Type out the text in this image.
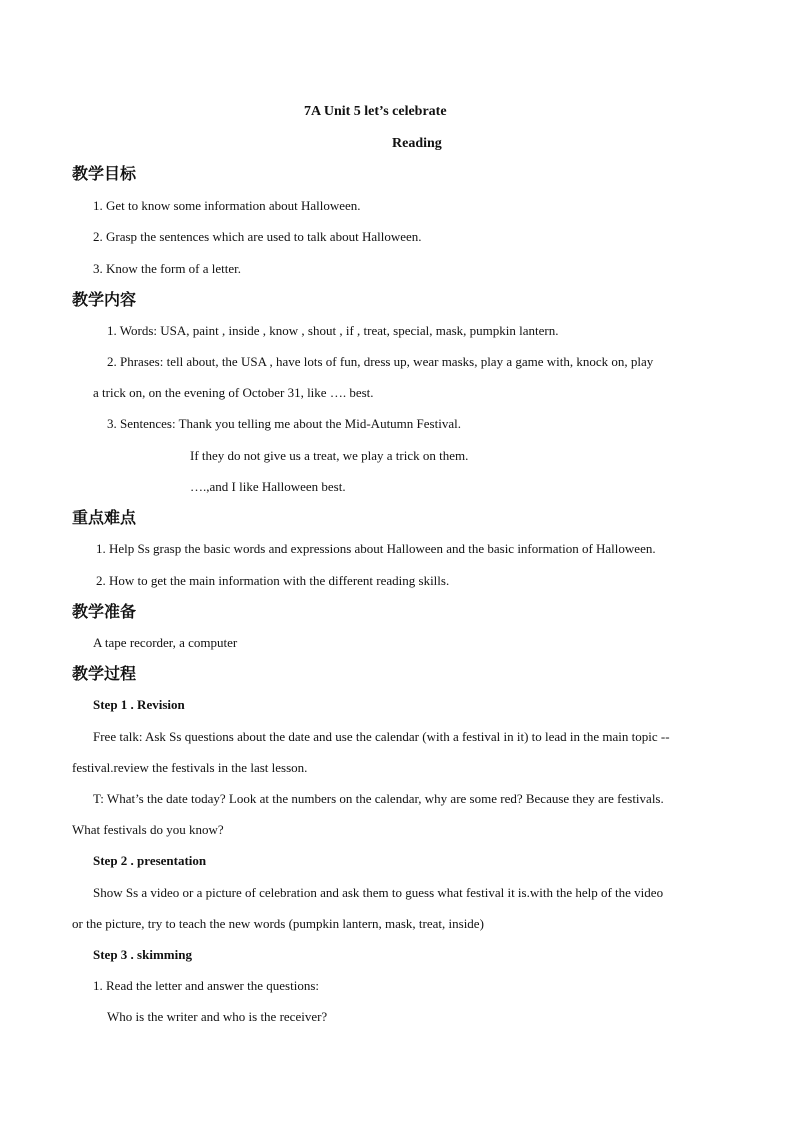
7A Unit 5 let’s celebrate
Reading
教学目标
1. Get to know some information about Halloween.
2. Grasp the sentences which are used to talk about Halloween.
3. Know the form of a letter.
教学内容
1. Words: USA, paint , inside , know , shout , if , treat, special, mask, pumpkin lantern.
2. Phrases: tell about, the USA , have lots of fun, dress up, wear masks, play a game with, knock on, play
a trick on, on the evening of October 31, like …. best.
3. Sentences: Thank you telling me about the Mid-Autumn Festival.
If they do not give us a treat, we play a trick on them.
….,and I like Halloween best.
重点难点
1. Help Ss grasp the basic words and expressions about Halloween and the basic information of Halloween.
2. How to get the main information with the different reading skills.
教学准备
A tape recorder, a computer
教学过程
Step 1 . Revision
Free talk: Ask Ss questions about the date and use the calendar (with a festival in it) to lead in the main topic --
festival.review the festivals in the last lesson.
T: What’s the date today? Look at the numbers on the calendar, why are some red? Because they are festivals.
What festivals do you know?
Step 2 . presentation
Show Ss a video or a picture of celebration and ask them to guess what festival it is.with the help of the video
or the picture, try to teach the new words (pumpkin lantern, mask, treat, inside)
Step 3 . skimming
1. Read the letter and answer the questions:
Who is the writer and who is the receiver?
